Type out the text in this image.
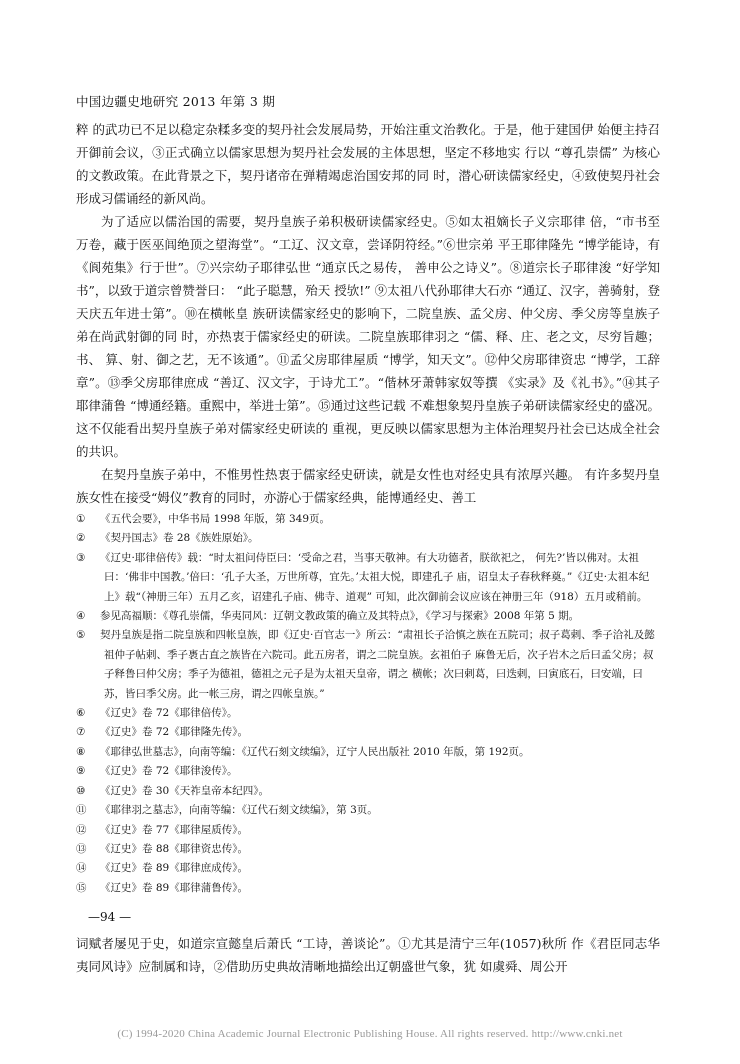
中国边疆史地研究 2013 年第 3 期

粹 的武功已不足以稳定杂糅多变的契丹社会发展局势，开始注重文治教化。于是，他于建国伊 始便主持召开御前会议，③正式确立以儒家思想为契丹社会发展的主体思想，坚定不移地实 行以 “尊孔崇儒” 为核心的文教政策。在此背景之下，契丹诸帝在弹精竭虑治国安邦的同 时，潜心研读儒家经史，④致使契丹社会形成习儒诵经的新风尚。

为了适应以儒治国的需要，契丹皇族子弟积极研读儒家经史。⑤如太祖嫡长子义宗耶律 倍，“市书至万卷，藏于医巫闾绝顶之望海堂”。“工辽、汉文章，尝译阴符经。”⑥世宗弟 平王耶律隆先 “博学能诗，有《阆苑集》行于世”。⑦兴宗幼子耶律弘世 “通京氏之易传， 善申公之诗义”。⑧道宗长子耶律浚 “好学知书”，以致于道宗曾赞誉曰： “此子聪慧，殆天 授欤!” ⑨太祖八代孙耶律大石亦 “通辽、汉字，善骑射，登天庆五年进士第”。⑩在横帐皇 族研读儒家经史的影响下，二院皇族、孟父房、仲父房、季父房等皇族子弟在尚武射御的同 时，亦热衷于儒家经史的研读。二院皇族耶律羽之 “儒、释、庄、老之文，尽穷旨趣；书、 算、射、御之艺，无不该通”。⑪孟父房耶律屋质 “博学，知天文”。⑫仲父房耶律资忠 “博学，工辞章”。⑬季父房耶律庶成 “善辽、汉文字，于诗尤工”。“偕林牙萧韩家奴等撰 《实录》及《礼书》。”⑭其子耶律蒲鲁 “博通经籍。重熙中，举进士第”。⑮通过这些记载 不难想象契丹皇族子弟研读儒家经史的盛况。这不仅能看出契丹皇族子弟对儒家经史研读的 重视，更反映以儒家思想为主体治理契丹社会已达成全社会的共识。

在契丹皇族子弟中，不惟男性热衷于儒家经史研读，就是女性也对经史具有浓厚兴趣。 有许多契丹皇族女性在接受“姆仪”教育的同时，亦游心于儒家经典，能博通经史、善工

① 《五代会要》，中华书局 1998 年版，第 349页。

② 《契丹国志》卷 28《族姓原始》。

③ 《辽史·耶律倍传》载：“时太祖问侍臣曰：‘受命之君，当事天敬神。有大功德者，朕欲祀之， 何先?’皆以佛对。太祖曰：‘佛非中国教。’倍曰：‘孔子大圣，万世所尊，宜先。’太祖大悦，即建孔子 庙，诏皇太子春秋释奠。”《辽史·太祖本纪上》载“（神册三年）五月乙亥，诏建孔子庙、佛寺、道观” 可知，此次御前会议应该在神册三年（918）五月或稍前。

④ 参见高福顺：《尊孔崇儒，华夷同风：辽朝文教政策的确立及其特点》，《学习与探索》2008 年第 5 期。

⑤ 契丹皇族是指二院皇族和四帐皇族，即《辽史·百官志一》所云：“肃祖长子洽慎之族在五院司；叔子葛剌、季子洽礼及懿祖仲子帖剌、季子褭古直之族皆在六院司。此五房者，谓之二院皇族。玄祖伯子 麻鲁无后，次子岩木之后曰孟父房；叔子释鲁曰仲父房；季子为德祖，德祖之元子是为太祖天皇帝，谓之 横帐；次曰剌葛，曰迭剌，曰寅底石，曰安端，曰苏，皆曰季父房。此一帐三房，谓之四帐皇族。”

⑥ 《辽史》卷 72《耶律倍传》。

⑦ 《辽史》卷 72《耶律隆先传》。

⑧ 《耶律弘世墓志》，向南等编：《辽代石刻文续编》，辽宁人民出版社 2010 年版，第 192页。

⑨ 《辽史》卷 72《耶律浚传》。

⑩ 《辽史》卷 30《天祚皇帝本纪四》。

⑪ 《耶律羽之墓志》，向南等编：《辽代石刻文续编》，第 3页。

⑫ 《辽史》卷 77《耶律屋质传》。

⑬ 《辽史》卷 88《耶律资忠传》。

⑭ 《辽史》卷 89《耶律庶成传》。

⑮ 《辽史》卷 89《耶律蒲鲁传》。

—94 —

词赋者屡见于史，如道宗宣懿皇后萧氏 “工诗，善谈论”。①尤其是清宁三年(1057)秋所 作《君臣同志华夷同风诗》应制属和诗，②借助历史典故清晰地描绘出辽朝盛世气象，犹 如虞舜、周公开

(C) 1994-2020 China Academic Journal Electronic Publishing House. All rights reserved. http://www.cnki.net
